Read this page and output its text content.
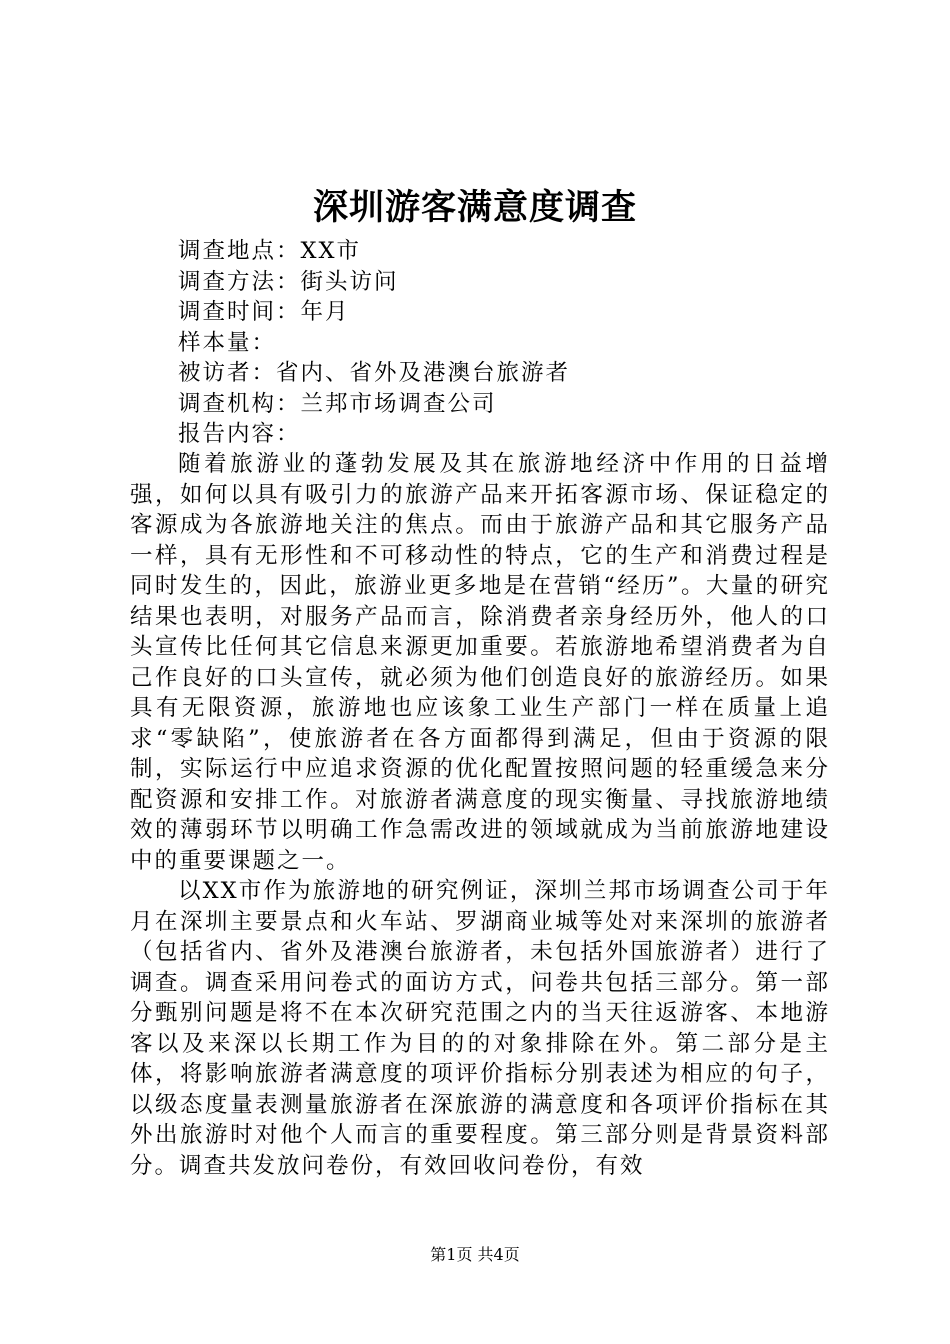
深圳游客满意度调查
调查地点：XX市
调查方法：街头访问
调查时间：年月
样本量：
被访者：省内、省外及港澳台旅游者
调查机构：兰邦市场调查公司
报告内容：

随着旅游业的蓬勃发展及其在旅游地经济中作用的日益增强，如何以具有吸引力的旅游产品来开拓客源市场、保证稳定的客源成为各旅游地关注的焦点。而由于旅游产品和其它服务产品一样，具有无形性和不可移动性的特点，它的生产和消费过程是同时发生的，因此，旅游业更多地是在营销“经历”。大量的研究结果也表明，对服务产品而言，除消费者亲身经历外，他人的口头宣传比任何其它信息来源更加重要。若旅游地希望消费者为自己作良好的口头宣传，就必须为他们创造良好的旅游经历。如果具有无限资源，旅游地也应该象工业生产部门一样在质量上追求“零缺陷”，使旅游者在各方面都得到满足，但由于资源的限制，实际运行中应追求资源的优化配置按照问题的轻重缓急来分配资源和安排工作。对旅游者满意度的现实衡量、寻找旅游地绩效的薄弱环节以明确工作急需改进的领域就成为当前旅游地建设中的重要课题之一。

以XX市作为旅游地的研究例证，深圳兰邦市场调查公司于年月在深圳主要景点和火车站、罗湖商业城等处对来深圳的旅游者（包括省内、省外及港澳台旅游者，未包括外国旅游者）进行了调查。调查采用问卷式的面访方式，问卷共包括三部分。第一部分甄别问题是将不在本次研究范围之内的当天往返游客、本地游客以及来深以长期工作为目的的对象排除在外。第二部分是主体，将影响旅游者满意度的项评价指标分别表述为相应的句子，以级态度量表测量旅游者在深旅游的满意度和各项评价指标在其外出旅游时对他个人而言的重要程度。第三部分则是背景资料部分。调查共发放问卷份，有效回收问卷份，有效

第1页 共4页
